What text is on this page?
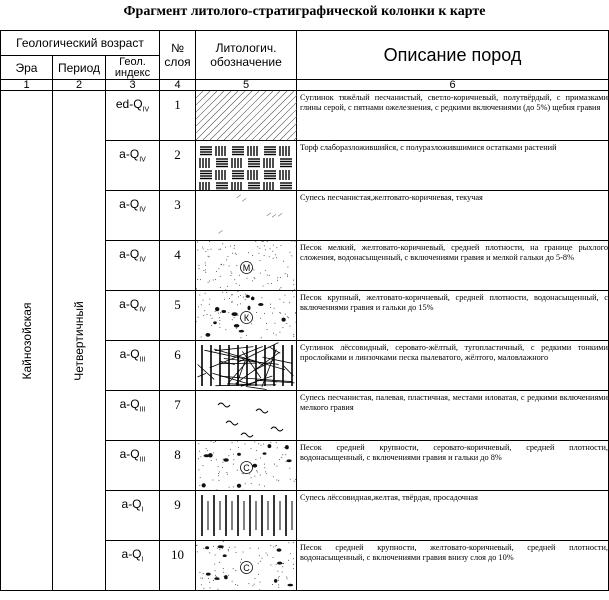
Фрагмент литолого-стратиграфической колонки к карте
Геологический возраст			№ слоя	Литологич. обозначение	Описание пород
Эра	Период	Геол. индекс			
1	2	3	4	5	6

Кайнозойская	Четвертичный	$ed-Q_{IV}$	1		Суглинок тяжёлый песчанистый, светло-коричневый, полутвёрдый, с примазками глины серой, с пятнами ожелезнения, с редкими включениями (до 5%) щебня гравия
		$a-Q_{IV}$	2		Торф слаборазложившийся, с полуразложившимися остатками растений
		$a-Q_{IV}$	3		Супесь песчанистая,желтовато-коричневая, текучая
		$a-Q_{IV}$	4	М	Песок мелкий, желтовато-коричневый, средней плотности, на границе рыхлого сложения, водонасыщенный, с включениями гравия и мелкой гальки до 5-8%
		$a-Q_{IV}$	5	К	Песок крупный, желтовато-коричневый, средней плотности, водонасыщенный, с включениями гравия и гальки до 15%
		$a-Q_{III}$	6		Суглинок лёссовидный, серовато-жёлтый, тугопластичный, с редкими тонкими прослойками и линзочками песка пылеватого, жёлтого, маловлажного
		$a-Q_{III}$	7		Супесь песчанистая, палевая, пластичная, местами иловатая, с редкими включениями мелкого гравия
		$a-Q_{III}$	8	С	Песок средней крупности, серовато-коричневый, средней плотности, водонасыщенный, с включениями гравия и гальки до 8%
		$a-Q_I$	9		Супесь лёссовидная,желтая, твёрдая, просадочная
		$a-Q_I$	10	С	Песок средней крупности, желтовато-коричневый, средней плотности, водонасыщенный, с включениями гравия внизу слоя до 10%
